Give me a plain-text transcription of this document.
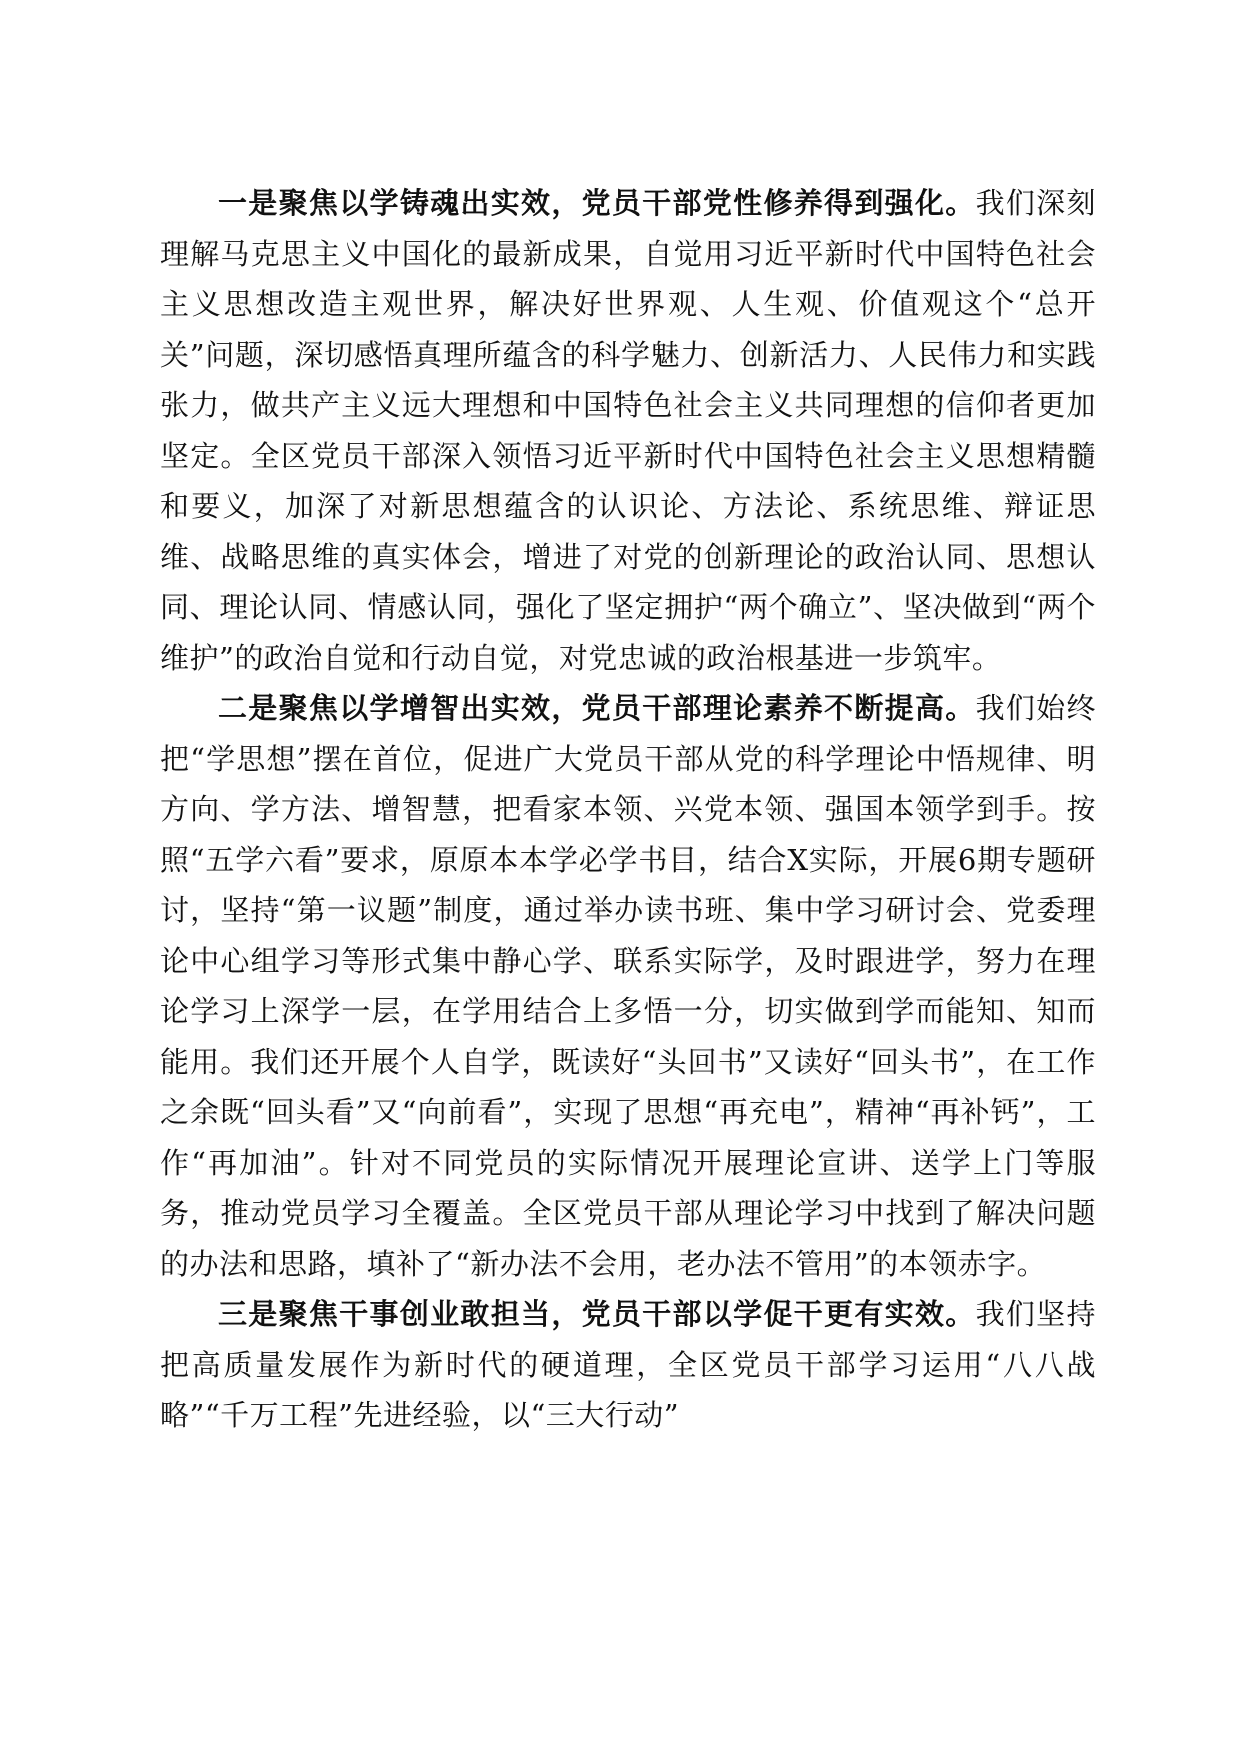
一是聚焦以学铸魂出实效，党员干部党性修养得到强化。我们深刻理解马克思主义中国化的最新成果，自觉用习近平新时代中国特色社会主义思想改造主观世界，解决好世界观、人生观、价值观这个“总开关”问题，深切感悟真理所蕴含的科学魅力、创新活力、人民伟力和实践张力，做共产主义远大理想和中国特色社会主义共同理想的信仰者更加坚定。全区党员干部深入领悟习近平新时代中国特色社会主义思想精髓和要义，加深了对新思想蕴含的认识论、方法论、系统思维、辩证思维、战略思维的真实体会，增进了对党的创新理论的政治认同、思想认同、理论认同、情感认同，强化了坚定拥护“两个确立”、坚决做到“两个维护”的政治自觉和行动自觉，对党忠诚的政治根基进一步筑牢。

二是聚焦以学增智出实效，党员干部理论素养不断提高。我们始终把“学思想”摆在首位，促进广大党员干部从党的科学理论中悟规律、明方向、学方法、增智慧，把看家本领、兴党本领、强国本领学到手。按照“五学六看”要求，原原本本学必学书目，结合X实际，开展6期专题研讨，坚持“第一议题”制度，通过举办读书班、集中学习研讨会、党委理论中心组学习等形式集中静心学、联系实际学，及时跟进学，努力在理论学习上深学一层，在学用结合上多悟一分，切实做到学而能知、知而能用。我们还开展个人自学，既读好“头回书”又读好“回头书”，在工作之余既“回头看”又“向前看”，实现了思想“再充电”，精神“再补钙”，工作“再加油”。针对不同党员的实际情况开展理论宣讲、送学上门等服务，推动党员学习全覆盖。全区党员干部从理论学习中找到了解决问题的办法和思路，填补了“新办法不会用，老办法不管用”的本领赤字。

三是聚焦干事创业敢担当，党员干部以学促干更有实效。我们坚持把高质量发展作为新时代的硬道理，全区党员干部学习运用“八八战略”“千万工程”先进经验，以“三大行动”
